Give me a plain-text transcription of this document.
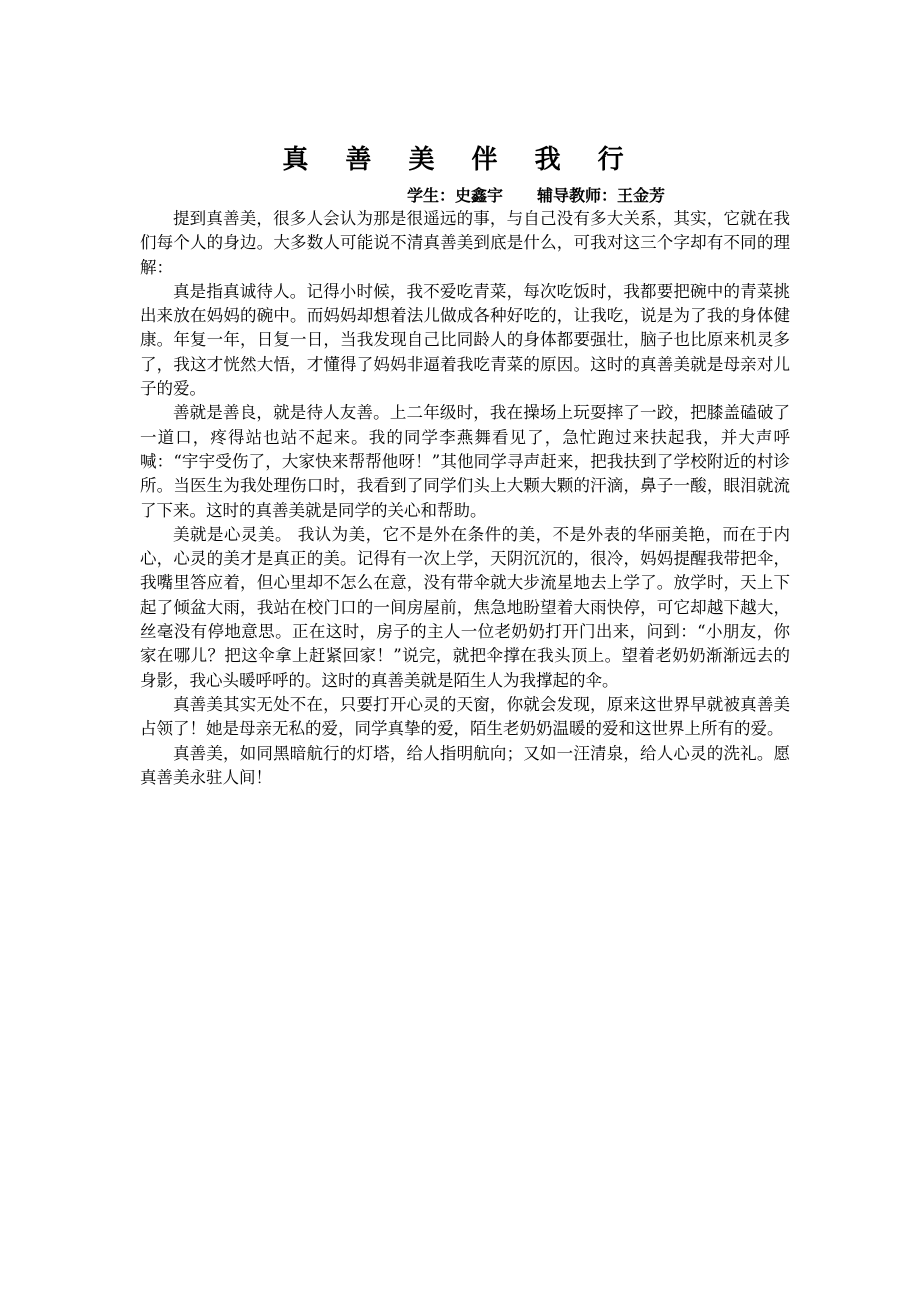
真 善 美 伴 我 行
学生：史鑫宇 辅导教师：王金芳

提到真善美，很多人会认为那是很遥远的事，与自己没有多大关系，其实，它就在我们每个人的身边。大多数人可能说不清真善美到底是什么，可我对这三个字却有不同的理解：

真是指真诚待人。记得小时候，我不爱吃青菜，每次吃饭时，我都要把碗中的青菜挑出来放在妈妈的碗中。而妈妈却想着法儿做成各种好吃的，让我吃，说是为了我的身体健康。年复一年，日复一日，当我发现自己比同龄人的身体都要强壮，脑子也比原来机灵多了，我这才恍然大悟，才懂得了妈妈非逼着我吃青菜的原因。这时的真善美就是母亲对儿子的爱。

善就是善良，就是待人友善。上二年级时，我在操场上玩耍摔了一跤，把膝盖磕破了一道口，疼得站也站不起来。我的同学李燕舞看见了，急忙跑过来扶起我，并大声呼喊：“宇宇受伤了，大家快来帮帮他呀！”其他同学寻声赶来，把我扶到了学校附近的村诊所。当医生为我处理伤口时，我看到了同学们头上大颗大颗的汗滴，鼻子一酸，眼泪就流了下来。这时的真善美就是同学的关心和帮助。

美就是心灵美。 我认为美，它不是外在条件的美，不是外表的华丽美艳，而在于内心，心灵的美才是真正的美。记得有一次上学，天阴沉沉的，很冷，妈妈提醒我带把伞，我嘴里答应着，但心里却不怎么在意，没有带伞就大步流星地去上学了。放学时，天上下起了倾盆大雨，我站在校门口的一间房屋前，焦急地盼望着大雨快停，可它却越下越大，丝毫没有停地意思。正在这时，房子的主人一位老奶奶打开门出来，问到：“小朋友，你家在哪儿？把这伞拿上赶紧回家！”说完，就把伞撑在我头顶上。望着老奶奶渐渐远去的身影，我心头暖呼呼的。这时的真善美就是陌生人为我撑起的伞。

真善美其实无处不在，只要打开心灵的天窗，你就会发现，原来这世界早就被真善美占领了！她是母亲无私的爱，同学真挚的爱，陌生老奶奶温暖的爱和这世界上所有的爱。

真善美，如同黑暗航行的灯塔，给人指明航向；又如一汪清泉，给人心灵的洗礼。愿真善美永驻人间！
